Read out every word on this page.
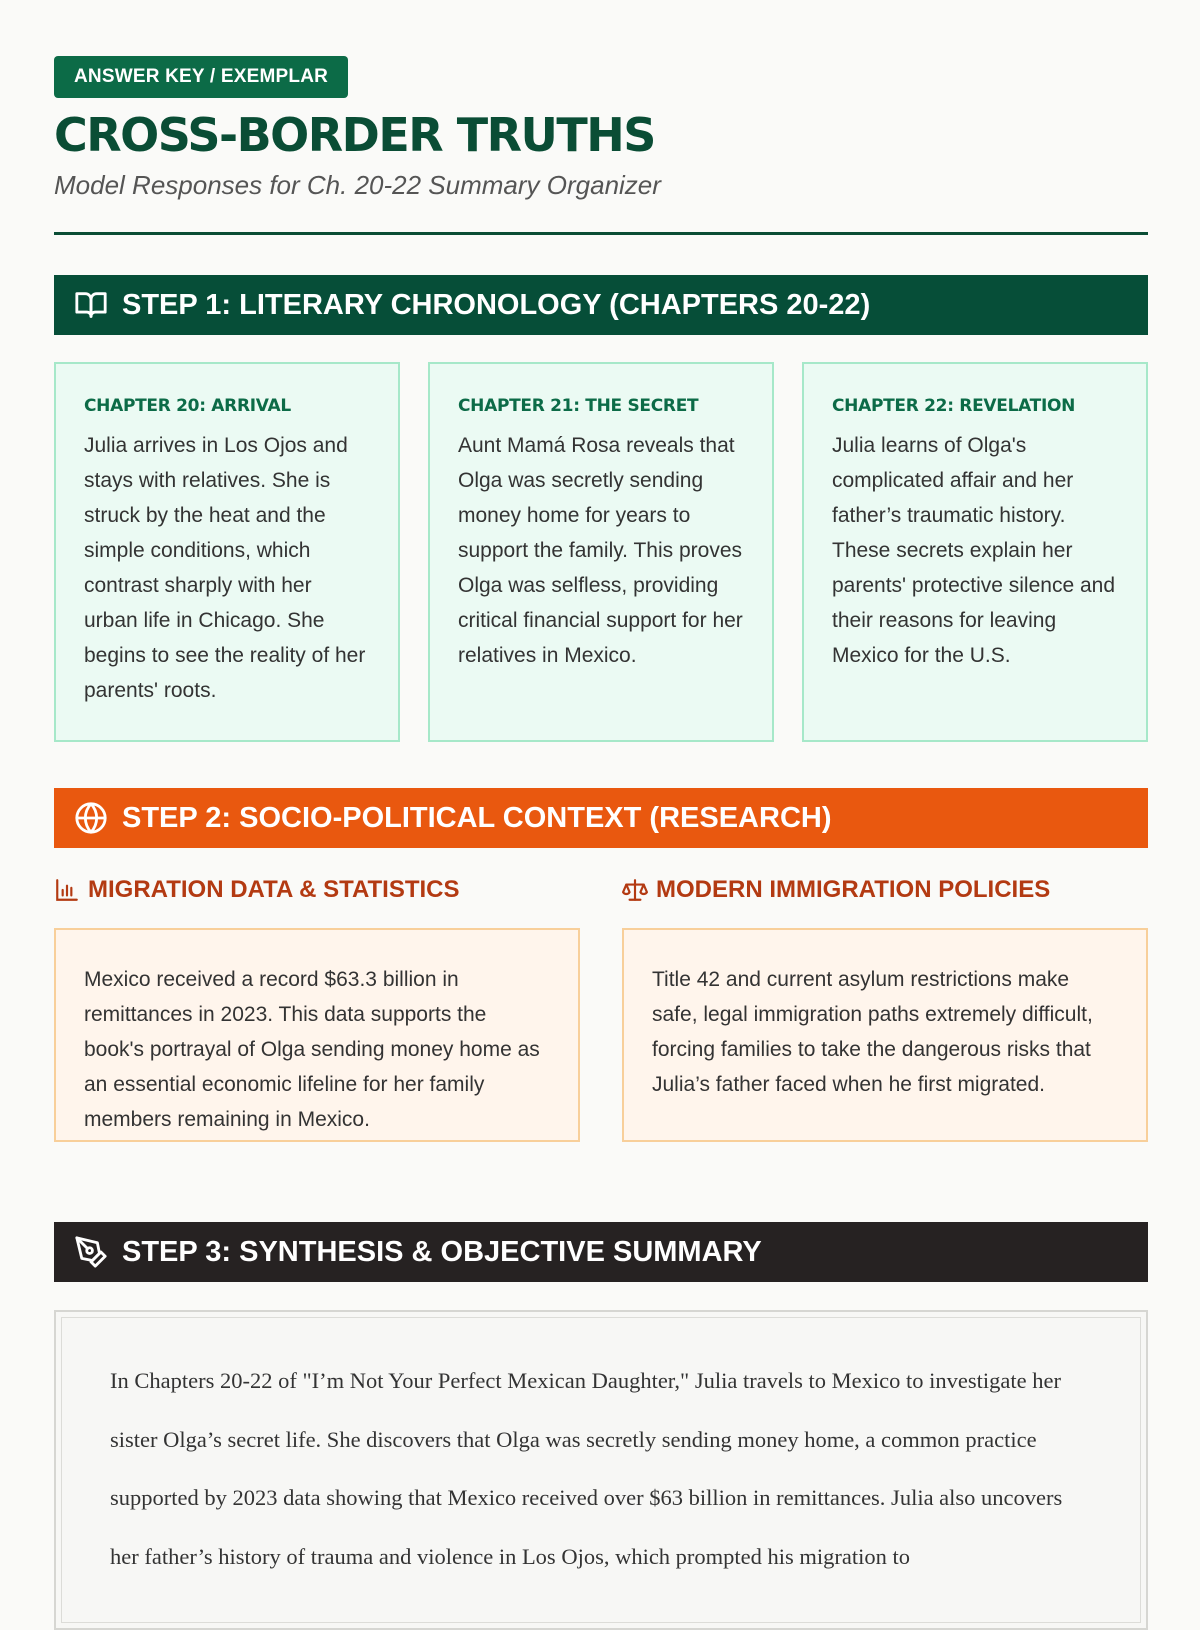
ANSWER KEY / EXEMPLAR
CROSS-BORDER TRUTHS
Model Responses for Ch. 20-22 Summary Organizer
STEP 1: LITERARY CHRONOLOGY (CHAPTERS 20-22)
CHAPTER 20: ARRIVAL

Julia arrives in Los Ojos and stays with relatives. She is struck by the heat and the simple conditions, which contrast sharply with her urban life in Chicago. She begins to see the reality of her parents' roots.

CHAPTER 21: THE SECRET

Aunt Mamá Rosa reveals that Olga was secretly sending money home for years to support the family. This proves Olga was selfless, providing critical financial support for her relatives in Mexico.

CHAPTER 22: REVELATION

Julia learns of Olga's complicated affair and her father’s traumatic history. These secrets explain her parents' protective silence and their reasons for leaving Mexico for the U.S.

STEP 2: SOCIO-POLITICAL CONTEXT (RESEARCH)
MIGRATION DATA & STATISTICS	MODERN IMMIGRATION POLICIES

Mexico received a record $63.3 billion in remittances in 2023. This data supports the book's portrayal of Olga sending money home as an essential economic lifeline for her family members remaining in Mexico.

Title 42 and current asylum restrictions make safe, legal immigration paths extremely difficult, forcing families to take the dangerous risks that Julia’s father faced when he first migrated.

STEP 3: SYNTHESIS & OBJECTIVE SUMMARY

In Chapters 20-22 of "I’m Not Your Perfect Mexican Daughter," Julia travels to Mexico to investigate her sister Olga’s secret life. She discovers that Olga was secretly sending money home, a common practice supported by 2023 data showing that Mexico received over $63 billion in remittances. Julia also uncovers her father’s history of trauma and violence in Los Ojos, which prompted his migration to
